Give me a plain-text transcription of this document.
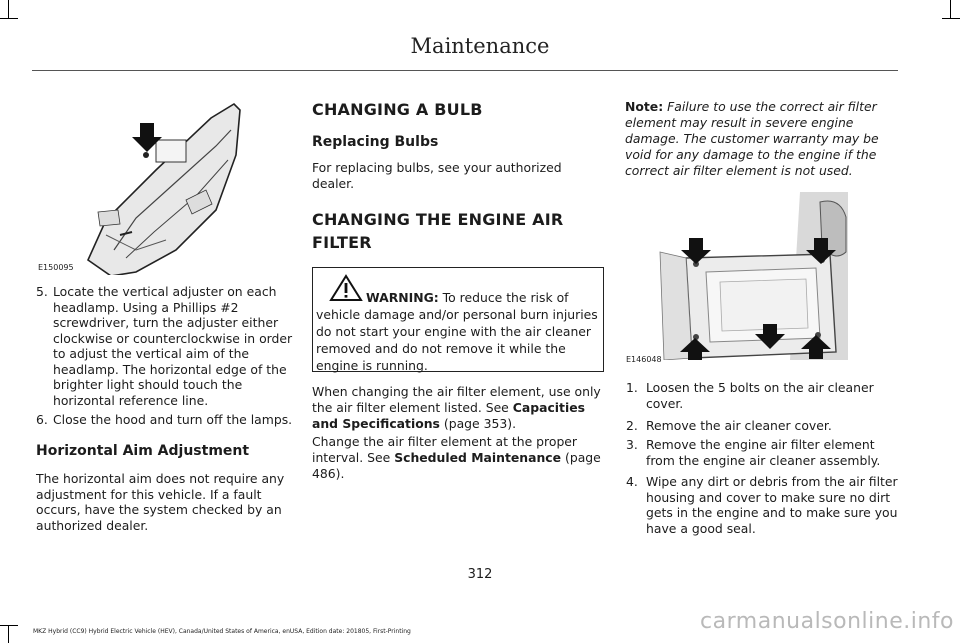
Maintenance
E150095
5. Locate the vertical adjuster on each headlamp. Using a Phillips #2 screwdriver, turn the adjuster either clockwise or counterclockwise in order to adjust the vertical aim of the headlamp. The horizontal edge of the brighter light should touch the horizontal reference line.
6. Close the hood and turn off the lamps.
Horizontal Aim Adjustment
The horizontal aim does not require any adjustment for this vehicle. If a fault occurs, have the system checked by an authorized dealer.
CHANGING A BULB
Replacing Bulbs
For replacing bulbs, see your authorized dealer.
CHANGING THE ENGINE AIR
FILTER
WARNING: To reduce the risk of vehicle damage and/or personal burn injuries do not start your engine with the air cleaner removed and do not remove it while the engine is running.
When changing the air filter element, use only the air filter element listed. See Capacities and Specifications (page 353).
Change the air filter element at the proper interval. See Scheduled Maintenance (page 486).
Note: Failure to use the correct air filter element may result in severe engine damage. The customer warranty may be void for any damage to the engine if the correct air filter element is not used.
E146048
1. Loosen the 5 bolts on the air cleaner cover.
2. Remove the air cleaner cover.
3. Remove the engine air filter element from the engine air cleaner assembly.
4. Wipe any dirt or debris from the air filter housing and cover to make sure no dirt gets in the engine and to make sure you have a good seal.
312
MKZ Hybrid (CC9) Hybrid Electric Vehicle (HEV), Canada/United States of America, enUSA, Edition date: 201805, First-Printing	carmanualsonline.info
